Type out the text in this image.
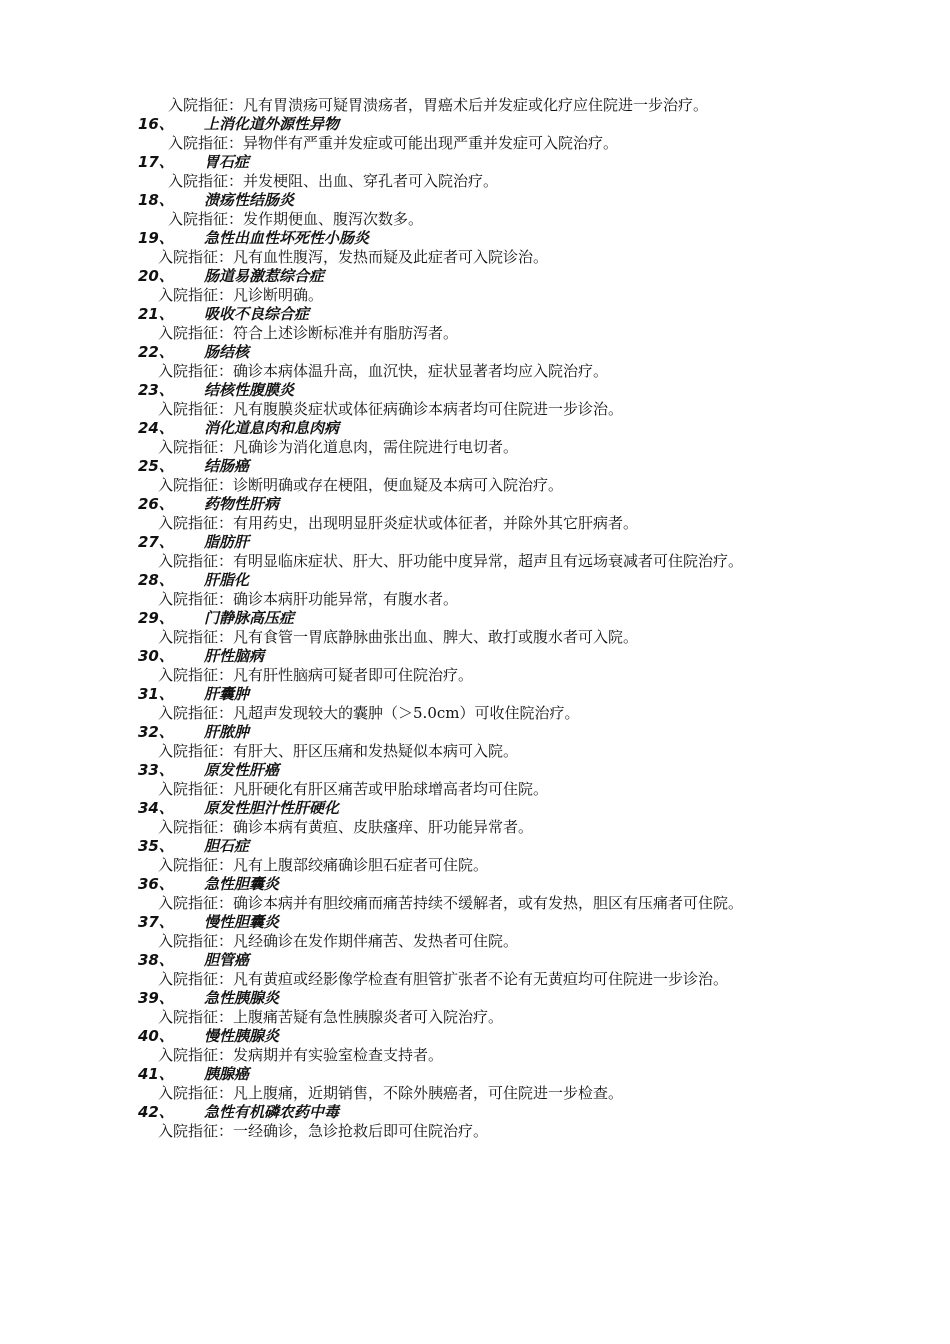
入院指征：凡有胃溃疡可疑胃溃疡者，胃癌术后并发症或化疗应住院进一步治疗。

16、 上消化道外源性异物

入院指征：异物伴有严重并发症或可能出现严重并发症可入院治疗。

17、 胃石症

入院指征：并发梗阻、出血、穿孔者可入院治疗。

18、 溃疡性结肠炎

入院指征：发作期便血、腹泻次数多。

19、 急性出血性坏死性小肠炎

入院指征：凡有血性腹泻，发热而疑及此症者可入院诊治。

20、 肠道易激惹综合症

入院指征：凡诊断明确。

21、 吸收不良综合症

入院指征：符合上述诊断标准并有脂肪泻者。

22、 肠结核

入院指征：确诊本病体温升高，血沉快，症状显著者均应入院治疗。

23、 结核性腹膜炎

入院指征：凡有腹膜炎症状或体征病确诊本病者均可住院进一步诊治。

24、 消化道息肉和息肉病

入院指征：凡确诊为消化道息肉，需住院进行电切者。

25、 结肠癌

入院指征：诊断明确或存在梗阻，便血疑及本病可入院治疗。

26、 药物性肝病

入院指征：有用药史，出现明显肝炎症状或体征者，并除外其它肝病者。

27、 脂肪肝

入院指征：有明显临床症状、肝大、肝功能中度异常，超声且有远场衰减者可住院治疗。

28、 肝脂化

入院指征：确诊本病肝功能异常，有腹水者。

29、 门静脉高压症

入院指征：凡有食管一胃底静脉曲张出血、脾大、敢打或腹水者可入院。

30、 肝性脑病

入院指征：凡有肝性脑病可疑者即可住院治疗。

31、 肝囊肿

入院指征：凡超声发现较大的囊肿（＞5.0cm）可收住院治疗。

32、 肝脓肿

入院指征：有肝大、肝区压痛和发热疑似本病可入院。

33、 原发性肝癌

入院指征：凡肝硬化有肝区痛苦或甲胎球增高者均可住院。

34、 原发性胆汁性肝硬化

入院指征：确诊本病有黄疸、皮肤瘙痒、肝功能异常者。

35、 胆石症

入院指征：凡有上腹部绞痛确诊胆石症者可住院。

36、 急性胆囊炎

入院指征：确诊本病并有胆绞痛而痛苦持续不缓解者，或有发热，胆区有压痛者可住院。

37、 慢性胆囊炎

入院指征：凡经确诊在发作期伴痛苦、发热者可住院。

38、 胆管癌

入院指征：凡有黄疸或经影像学检查有胆管扩张者不论有无黄疸均可住院进一步诊治。

39、 急性胰腺炎

入院指征：上腹痛苦疑有急性胰腺炎者可入院治疗。

40、 慢性胰腺炎

入院指征：发病期并有实验室检查支持者。

41、 胰腺癌

入院指征：凡上腹痛，近期销售，不除外胰癌者，可住院进一步检查。

42、 急性有机磷农药中毒

入院指征：一经确诊，急诊抢救后即可住院治疗。
